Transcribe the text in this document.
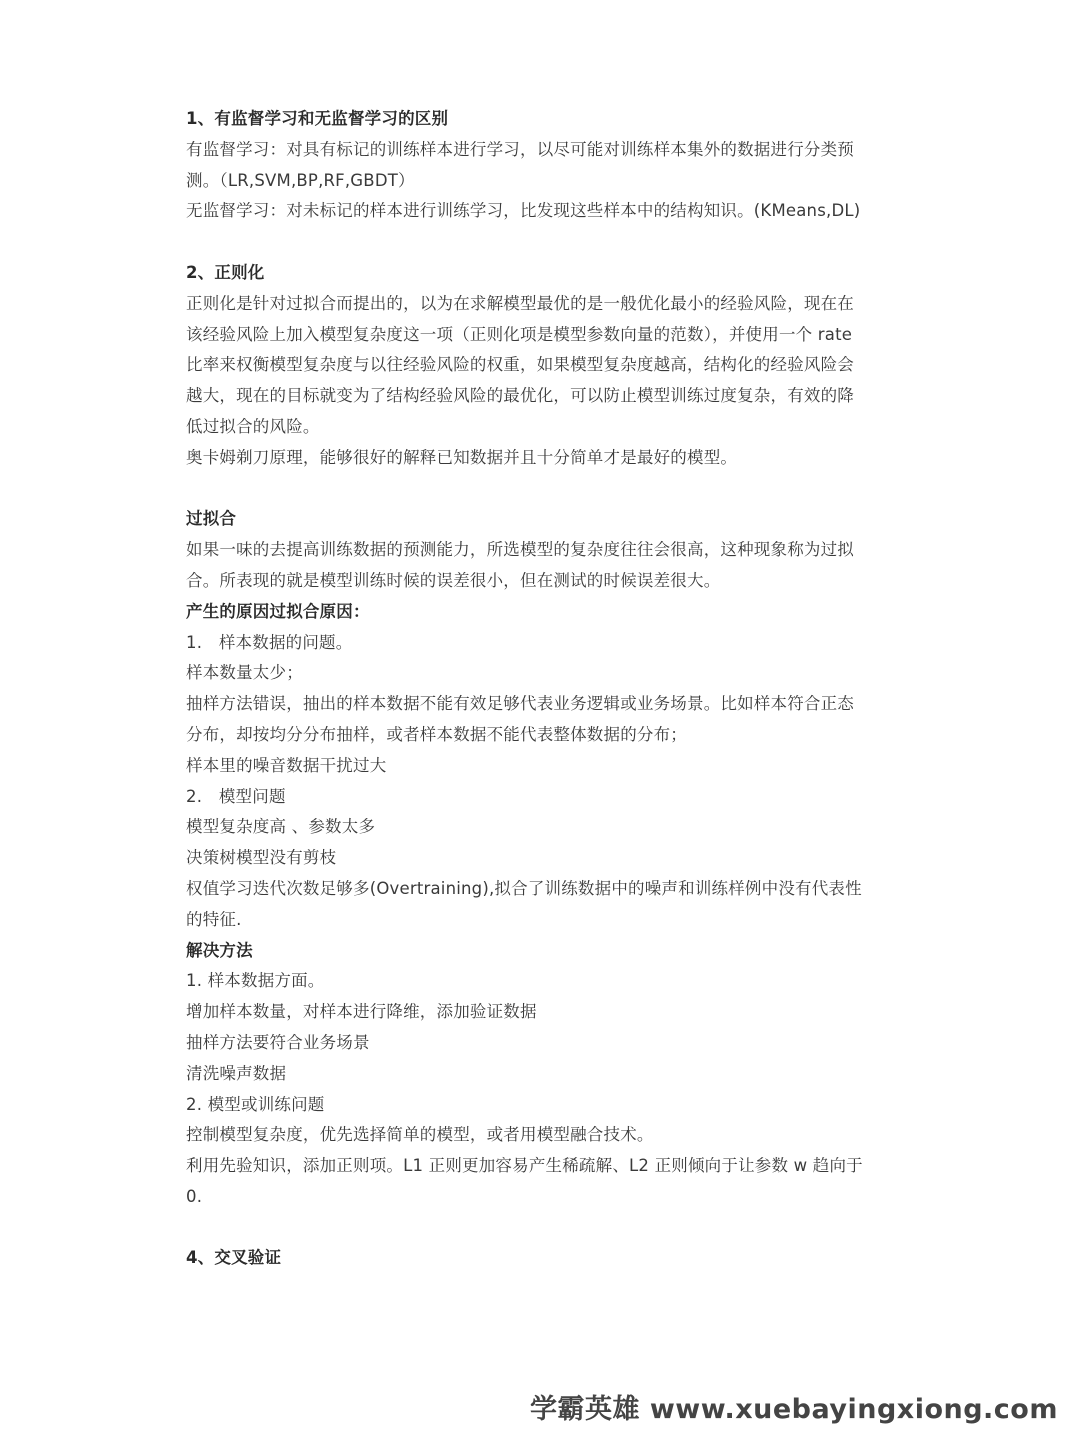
1、有监督学习和无监督学习的区别
有监督学习：对具有标记的训练样本进行学习，以尽可能对训练样本集外的数据进行分类预
测。（LR,SVM,BP,RF,GBDT）
无监督学习：对未标记的样本进行训练学习，比发现这些样本中的结构知识。(KMeans,DL)
2、正则化
正则化是针对过拟合而提出的，以为在求解模型最优的是一般优化最小的经验风险，现在在
该经验风险上加入模型复杂度这一项（正则化项是模型参数向量的范数），并使用一个 rate
比率来权衡模型复杂度与以往经验风险的权重，如果模型复杂度越高，结构化的经验风险会
越大，现在的目标就变为了结构经验风险的最优化，可以防止模型训练过度复杂，有效的降
低过拟合的风险。
奥卡姆剃刀原理，能够很好的解释已知数据并且十分简单才是最好的模型。
过拟合
如果一味的去提高训练数据的预测能力，所选模型的复杂度往往会很高，这种现象称为过拟
合。所表现的就是模型训练时候的误差很小，但在测试的时候误差很大。
产生的原因过拟合原因：
1.　样本数据的问题。
样本数量太少；
抽样方法错误，抽出的样本数据不能有效足够代表业务逻辑或业务场景。比如样本符合正态
分布，却按均分分布抽样，或者样本数据不能代表整体数据的分布；
样本里的噪音数据干扰过大
2.　模型问题
模型复杂度高 、参数太多
决策树模型没有剪枝
权值学习迭代次数足够多(Overtraining),拟合了训练数据中的噪声和训练样例中没有代表性
的特征.
解决方法
1. 样本数据方面。
增加样本数量，对样本进行降维，添加验证数据
抽样方法要符合业务场景
清洗噪声数据
2. 模型或训练问题
控制模型复杂度，优先选择简单的模型，或者用模型融合技术。
利用先验知识，添加正则项。L1 正则更加容易产生稀疏解、L2 正则倾向于让参数 w 趋向于
0.
4、交叉验证
学霸英雄 www.xuebayingxiong.com
